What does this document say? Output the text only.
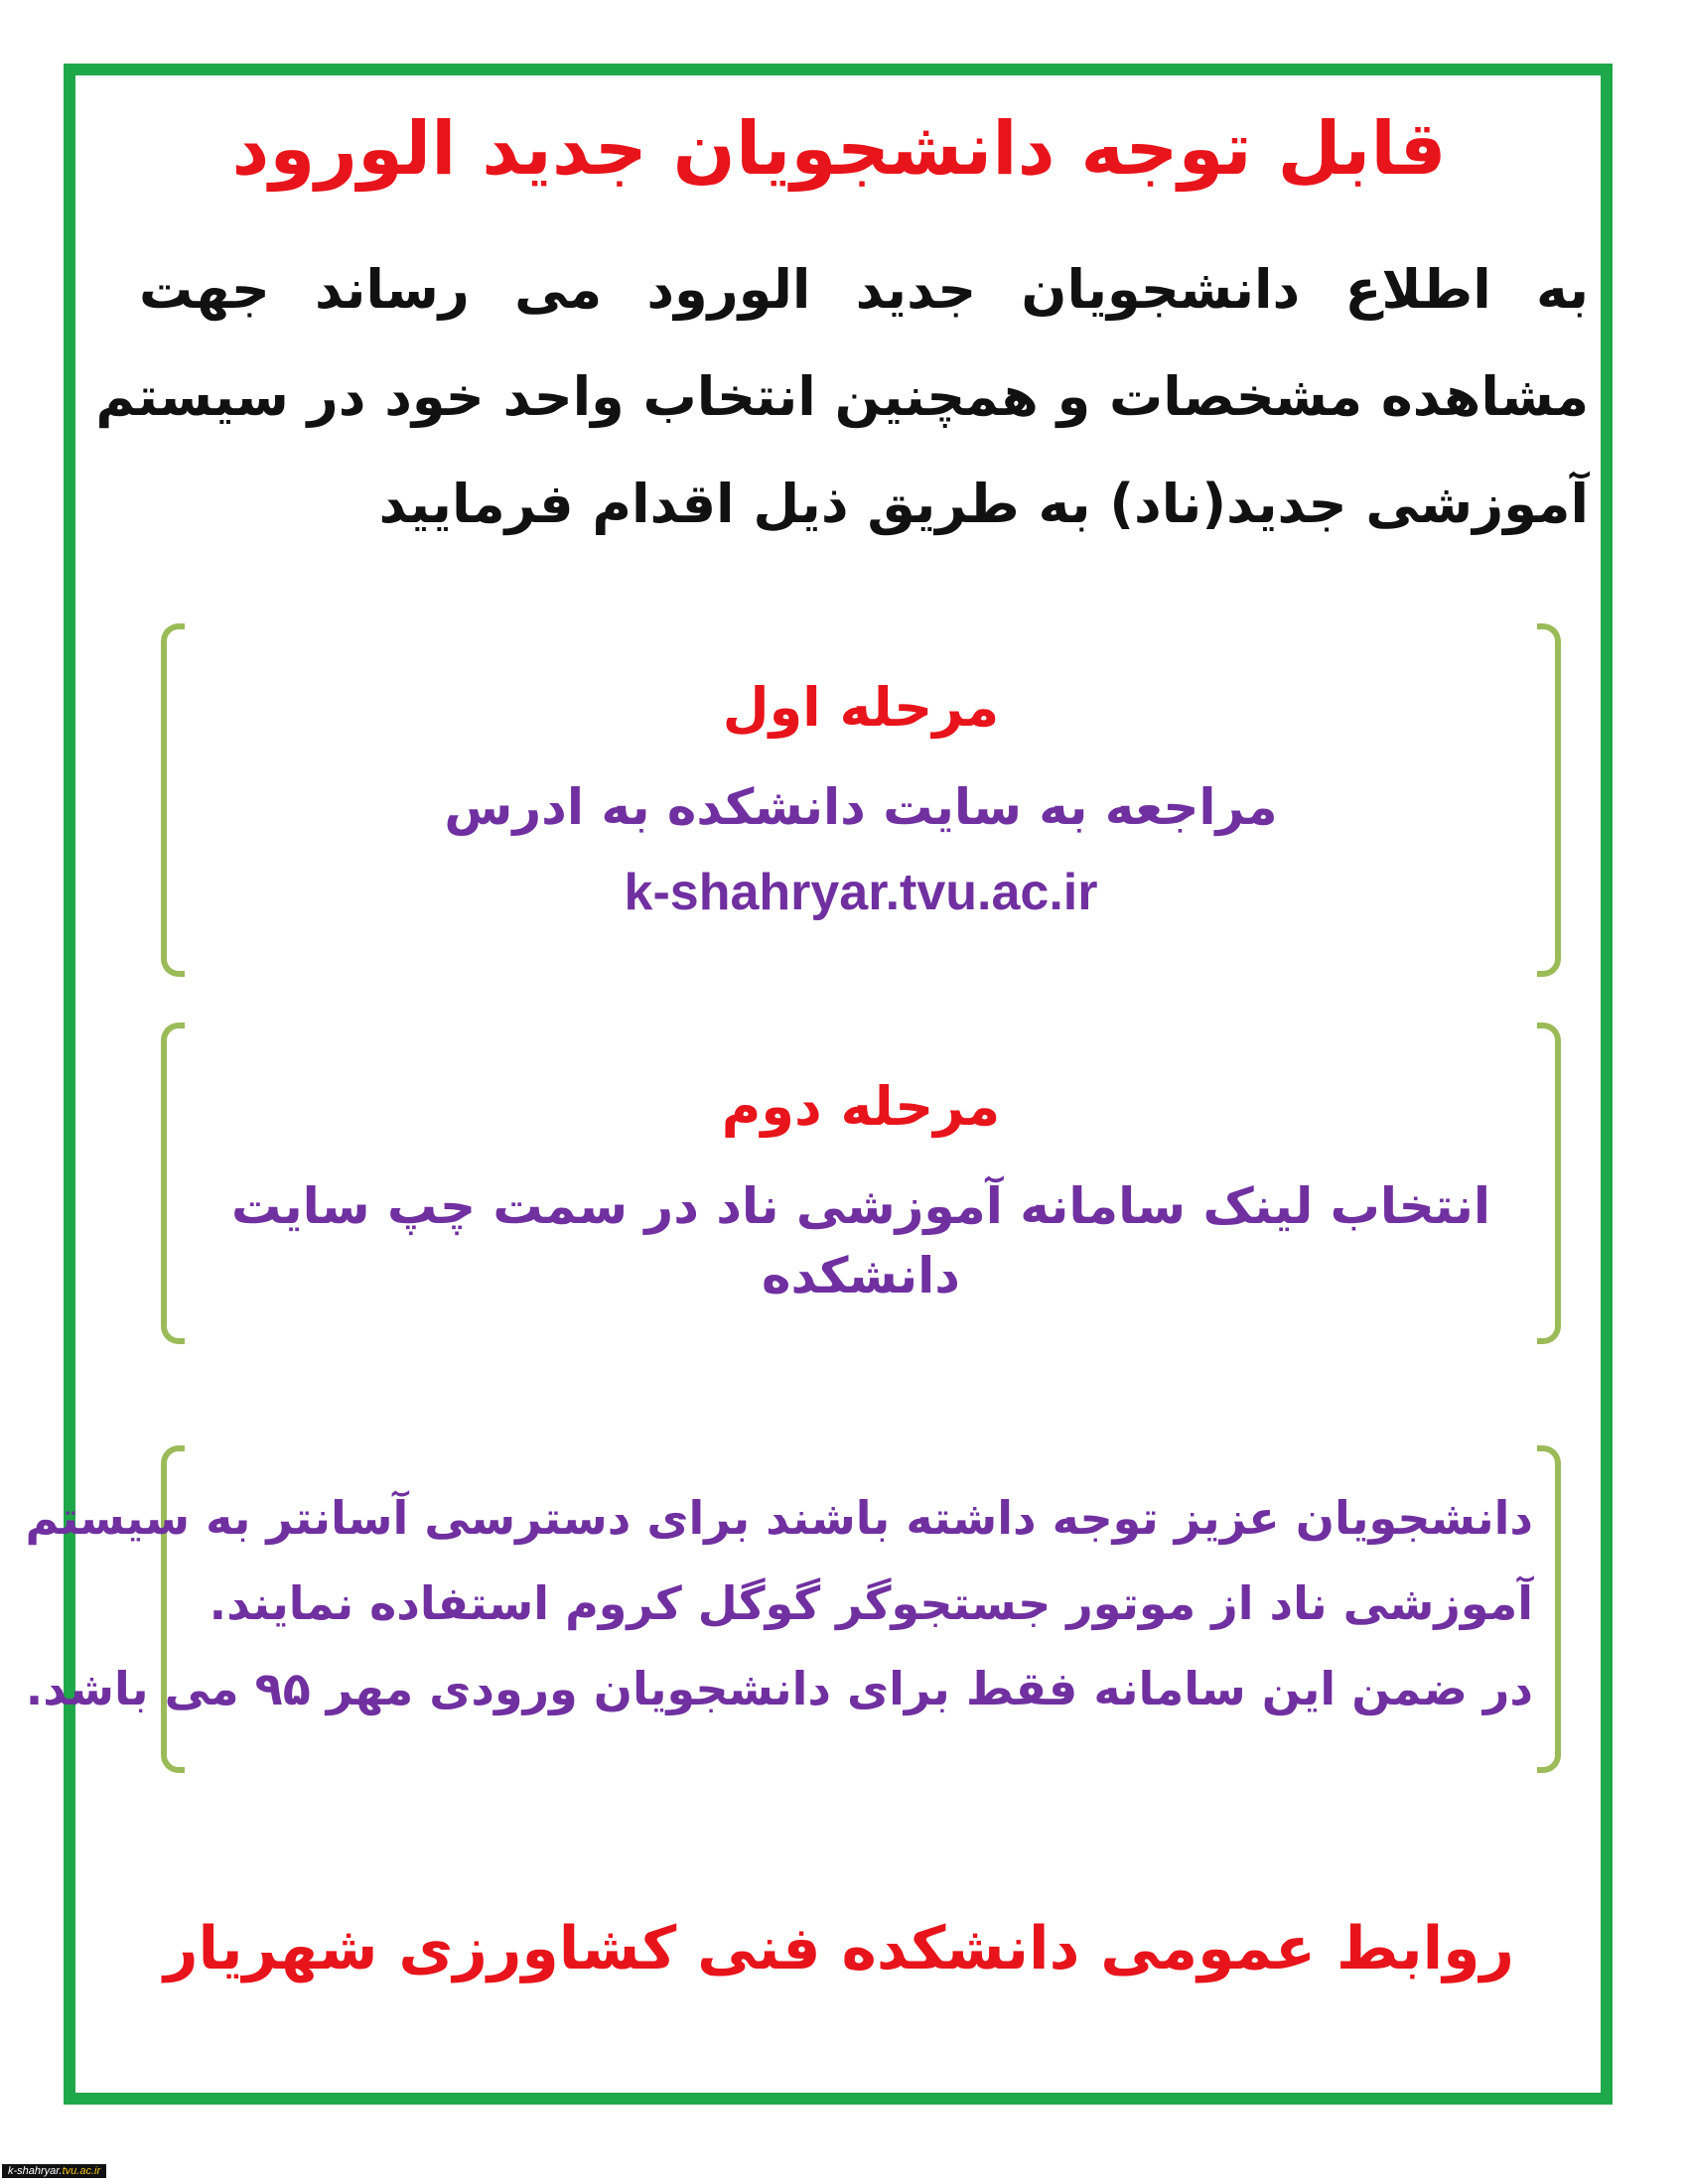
قابل توجه دانشجویان جدید الورود
به اطلاع دانشجویان جدید الورود می رساند جهت
مشاهده مشخصات و همچنین انتخاب واحد خود در سیستم
آموزشی جدید(ناد) به طریق ذیل اقدام فرمایید
مرحله اول
مراجعه به سایت دانشکده به ادرس
k-shahryar.tvu.ac.ir
مرحله دوم
انتخاب لینک سامانه آموزشی ناد در سمت چپ سایت دانشکده
دانشجویان عزیز توجه داشته باشند برای دسترسی آسانتر به سیستم
آموزشی ناد از موتور جستجوگر گوگل کروم استفاده نمایند.
در ضمن این سامانه فقط برای دانشجویان ورودی مهر ۹۵ می باشد.
روابط عمومی دانشکده فنی کشاورزی شهریار
k-shahryar.tvu.ac.ir
